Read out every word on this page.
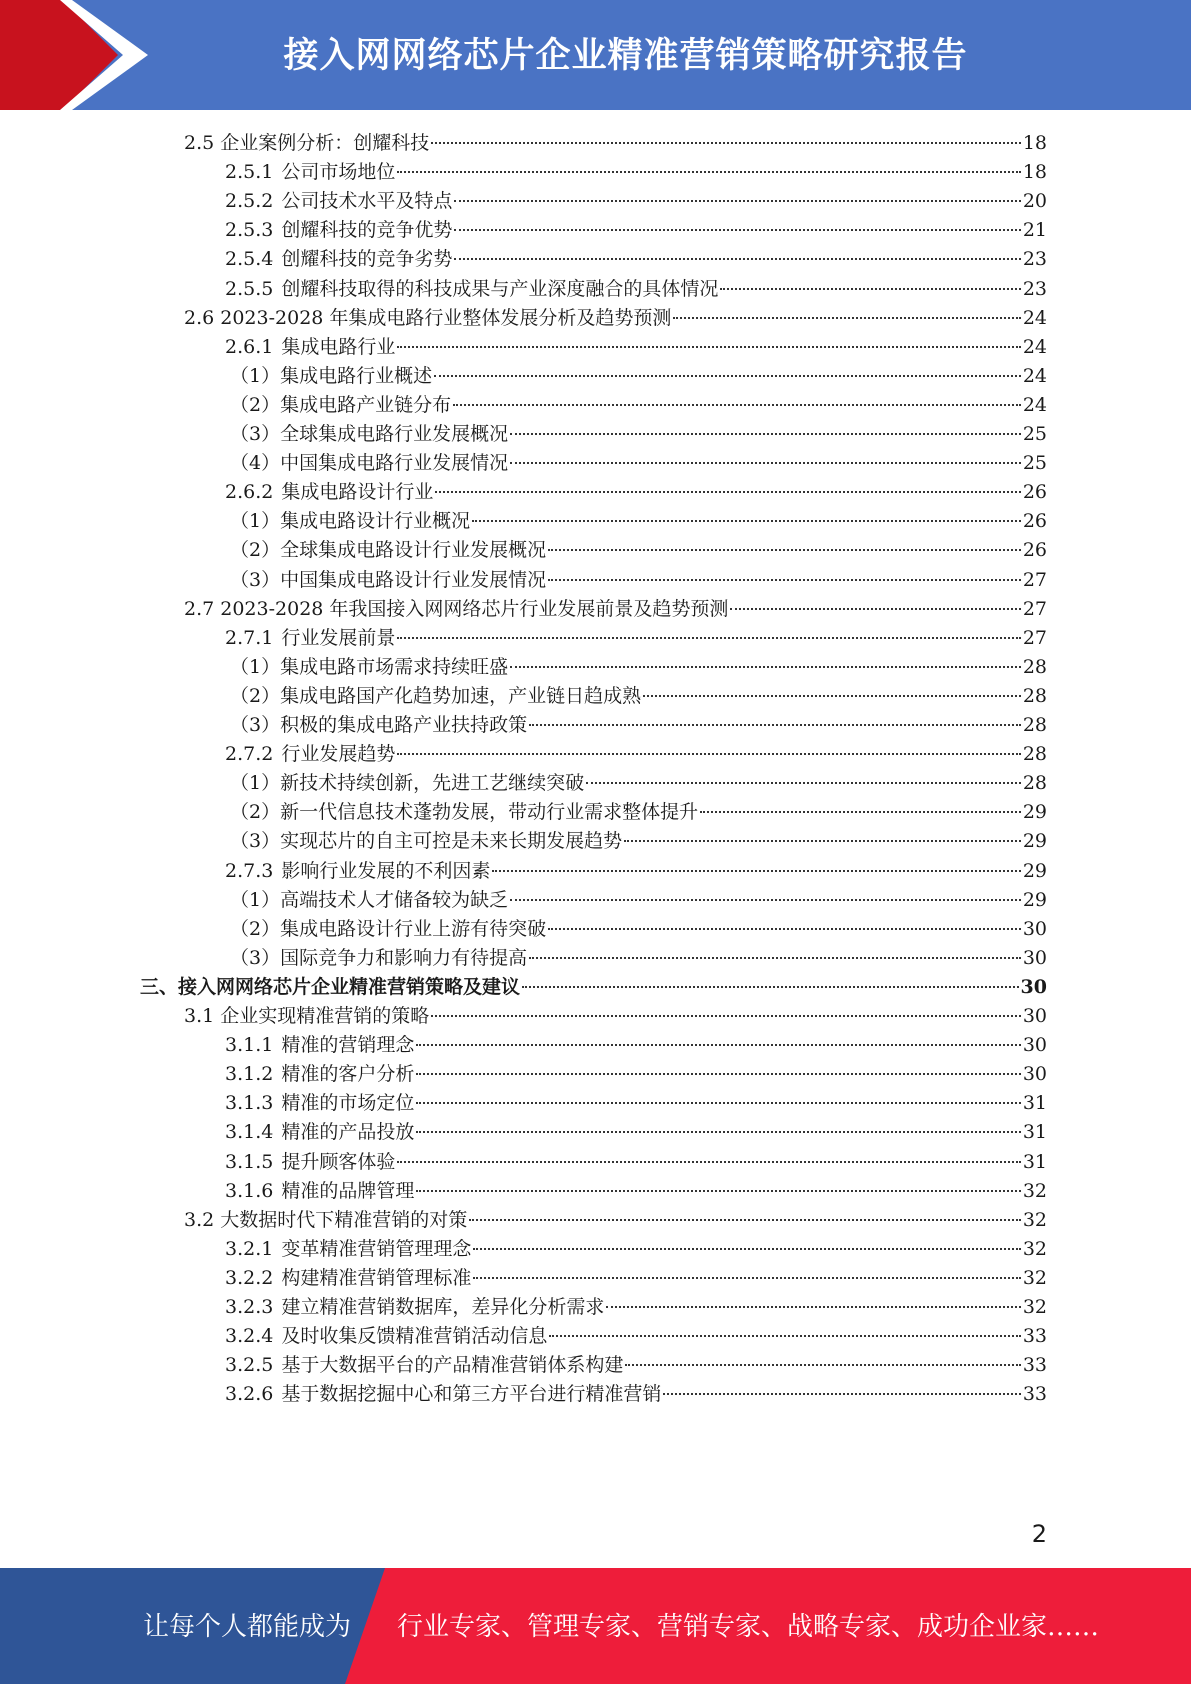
接入网网络芯片企业精准营销策略研究报告
2.5 企业案例分析：创耀科技	18
2.5.1 公司市场地位	18
2.5.2 公司技术水平及特点	20
2.5.3 创耀科技的竞争优势	21
2.5.4 创耀科技的竞争劣势	23
2.5.5 创耀科技取得的科技成果与产业深度融合的具体情况	23
2.6 2023-2028 年集成电路行业整体发展分析及趋势预测	24
2.6.1 集成电路行业	24
（1）集成电路行业概述	24
（2）集成电路产业链分布	24
（3）全球集成电路行业发展概况	25
（4）中国集成电路行业发展情况	25
2.6.2 集成电路设计行业	26
（1）集成电路设计行业概况	26
（2）全球集成电路设计行业发展概况	26
（3）中国集成电路设计行业发展情况	27
2.7 2023-2028 年我国接入网网络芯片行业发展前景及趋势预测	27
2.7.1 行业发展前景	27
（1）集成电路市场需求持续旺盛	28
（2）集成电路国产化趋势加速，产业链日趋成熟	28
（3）积极的集成电路产业扶持政策	28
2.7.2 行业发展趋势	28
（1）新技术持续创新，先进工艺继续突破	28
（2）新一代信息技术蓬勃发展，带动行业需求整体提升	29
（3）实现芯片的自主可控是未来长期发展趋势	29
2.7.3 影响行业发展的不利因素	29
（1）高端技术人才储备较为缺乏	29
（2）集成电路设计行业上游有待突破	30
（3）国际竞争力和影响力有待提高	30
三、接入网网络芯片企业精准营销策略及建议	30
3.1 企业实现精准营销的策略	30
3.1.1 精准的营销理念	30
3.1.2 精准的客户分析	30
3.1.3 精准的市场定位	31
3.1.4 精准的产品投放	31
3.1.5 提升顾客体验	31
3.1.6 精准的品牌管理	32
3.2 大数据时代下精准营销的对策	32
3.2.1 变革精准营销管理理念	32
3.2.2 构建精准营销管理标准	32
3.2.3 建立精准营销数据库，差异化分析需求	32
3.2.4 及时收集反馈精准营销活动信息	33
3.2.5 基于大数据平台的产品精准营销体系构建	33
3.2.6 基于数据挖掘中心和第三方平台进行精准营销	33
2
让每个人都能成为 行业专家、管理专家、营销专家、战略专家、成功企业家……
